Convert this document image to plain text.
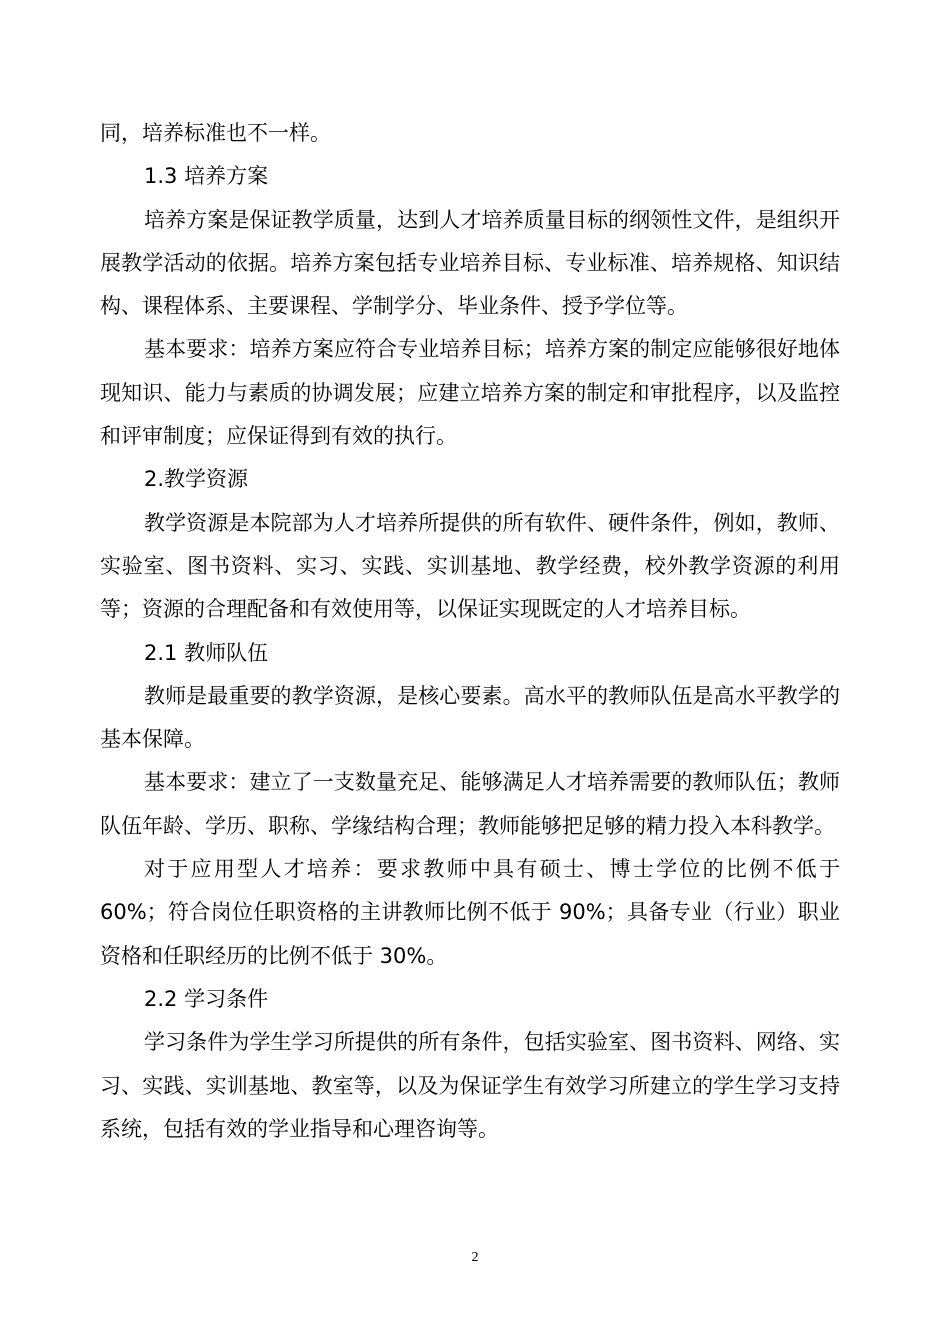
同，培养标准也不一样。

1.3 培养方案

培养方案是保证教学质量，达到人才培养质量目标的纲领性文件，是组织开展教学活动的依据。培养方案包括专业培养目标、专业标准、培养规格、知识结构、课程体系、主要课程、学制学分、毕业条件、授予学位等。

基本要求：培养方案应符合专业培养目标；培养方案的制定应能够很好地体现知识、能力与素质的协调发展；应建立培养方案的制定和审批程序，以及监控和评审制度；应保证得到有效的执行。

2.教学资源

教学资源是本院部为人才培养所提供的所有软件、硬件条件，例如，教师、实验室、图书资料、实习、实践、实训基地、教学经费，校外教学资源的利用等；资源的合理配备和有效使用等，以保证实现既定的人才培养目标。

2.1 教师队伍

教师是最重要的教学资源，是核心要素。高水平的教师队伍是高水平教学的基本保障。

基本要求：建立了一支数量充足、能够满足人才培养需要的教师队伍；教师队伍年龄、学历、职称、学缘结构合理；教师能够把足够的精力投入本科教学。

对于应用型人才培养：要求教师中具有硕士、博士学位的比例不低于60%；符合岗位任职资格的主讲教师比例不低于 90%；具备专业（行业）职业资格和任职经历的比例不低于 30%。

2.2 学习条件

学习条件为学生学习所提供的所有条件，包括实验室、图书资料、网络、实习、实践、实训基地、教室等，以及为保证学生有效学习所建立的学生学习支持系统，包括有效的学业指导和心理咨询等。

2
